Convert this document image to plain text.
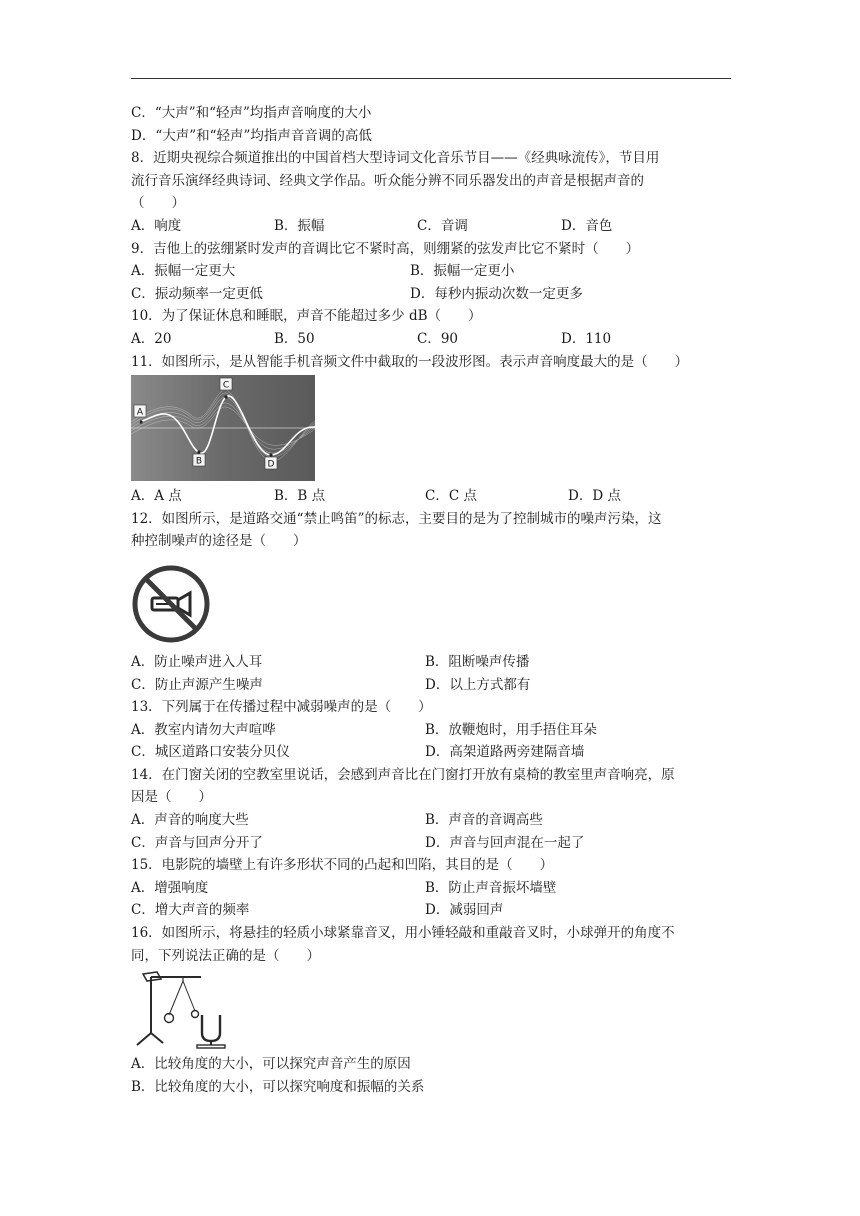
C．“大声”和“轻声”均指声音响度的大小
D．“大声”和“轻声”均指声音音调的高低
8．近期央视综合频道推出的中国首档大型诗词文化音乐节目——《经典咏流传》，节目用
流行音乐演绎经典诗词、经典文学作品。听众能分辨不同乐器发出的声音是根据声音的
（　　）
A．响度	B．振幅	C．音调	D．音色
9．吉他上的弦绷紧时发声的音调比它不紧时高，则绷紧的弦发声比它不紧时（　　）
A．振幅一定更大	B．振幅一定更小
C．振动频率一定更低	D．每秒内振动次数一定更多
10．为了保证休息和睡眠，声音不能超过多少 dB（　　）
A．20	B．50	C．90	D．110
11．如图所示，是从智能手机音频文件中截取的一段波形图。表示声音响度最大的是（　　）
A
B
C
D
A．A 点	B．B 点	C．C 点	D．D 点
12．如图所示，是道路交通“禁止鸣笛”的标志，主要目的是为了控制城市的噪声污染，这
种控制噪声的途径是（　　）
A．防止噪声进入人耳	B．阻断噪声传播
C．防止声源产生噪声	D．以上方式都有
13．下列属于在传播过程中减弱噪声的是（　　）
A．教室内请勿大声喧哗	B．放鞭炮时，用手捂住耳朵
C．城区道路口安装分贝仪	D．高架道路两旁建隔音墙
14．在门窗关闭的空教室里说话，会感到声音比在门窗打开放有桌椅的教室里声音响亮，原
因是（　　）
A．声音的响度大些	B．声音的音调高些
C．声音与回声分开了	D．声音与回声混在一起了
15．电影院的墙壁上有许多形状不同的凸起和凹陷，其目的是（　　）
A．增强响度	B．防止声音振坏墙壁
C．增大声音的频率	D．减弱回声
16．如图所示，将悬挂的轻质小球紧靠音叉，用小锤轻敲和重敲音叉时，小球弹开的角度不
同，下列说法正确的是（　　）
A．比较角度的大小，可以探究声音产生的原因
B．比较角度的大小，可以探究响度和振幅的关系
